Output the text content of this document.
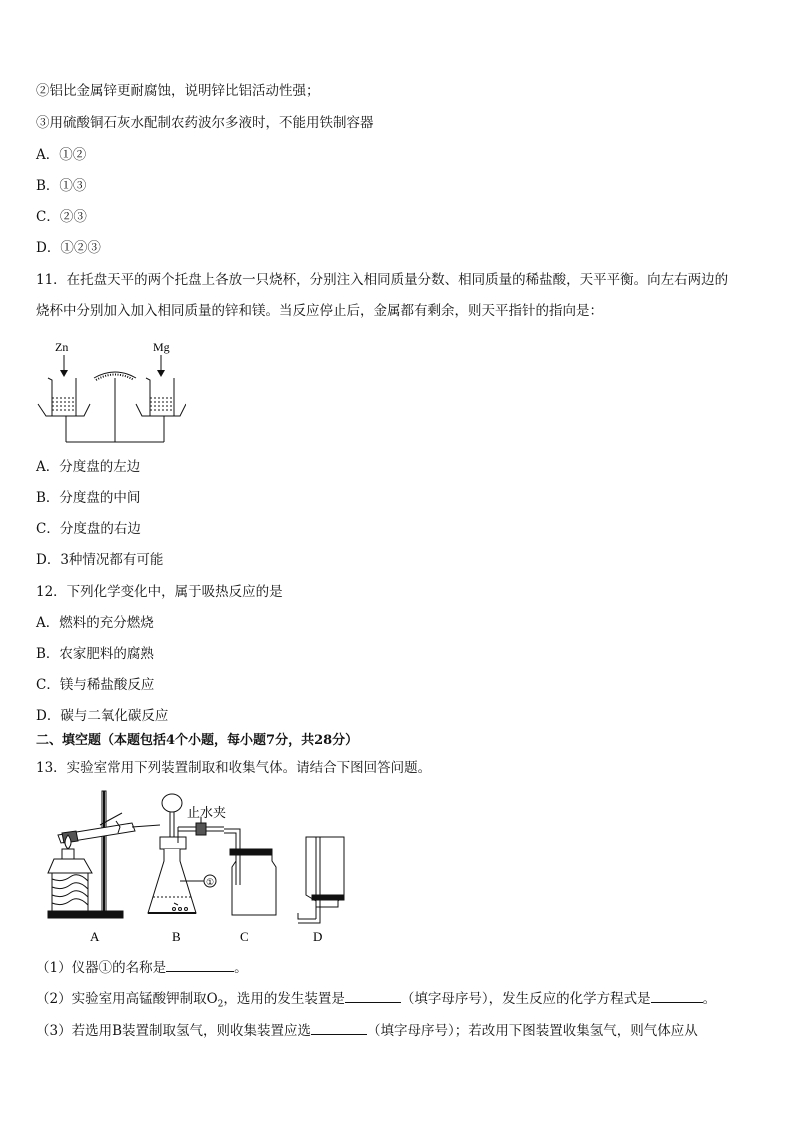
②铝比金属锌更耐腐蚀，说明锌比铝活动性强；
③用硫酸铜石灰水配制农药波尔多液时，不能用铁制容器
A．①②
B．①③
C．②③
D．①②③
11．在托盘天平的两个托盘上各放一只烧杯，分别注入相同质量分数、相同质量的稀盐酸，天平平衡。向左右两边的
烧杯中分别加入加入相同质量的锌和镁。当反应停止后，金属都有剩余，则天平指针的指向是：
Zn	Mg
A．分度盘的左边
B．分度盘的中间
C．分度盘的右边
D．3种情况都有可能
12．下列化学变化中，属于吸热反应的是
A．燃料的充分燃烧
B．农家肥料的腐熟
C．镁与稀盐酸反应
D．碳与二氧化碳反应
二、填空题（本题包括4个小题，每小题7分，共28分）
13．实验室常用下列装置制取和收集气体。请结合下图回答问题。
A
止水夹
①
B	C	D
（1）仪器①的名称是	。
（2）实验室用高锰酸钾制取$O_2$，选用的发生装置是	（填字母序号），发生反应的化学方程式是	。
（3）若选用B装置制取氢气，则收集装置应选	（填字母序号）；若改用下图装置收集氢气，则气体应从
